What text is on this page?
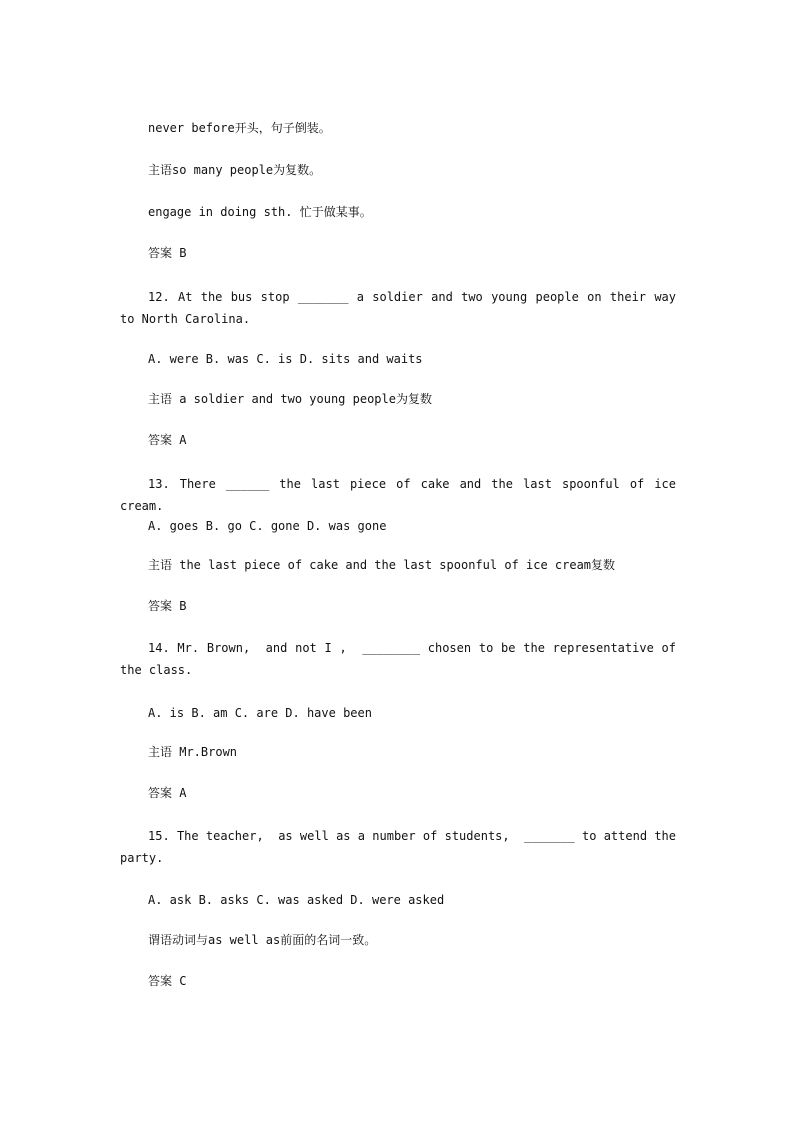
never before开头，句子倒装。

主语so many people为复数。

engage in doing sth. 忙于做某事。

答案 B

12. At the bus stop _______ a soldier and two young people on their way to North Carolina.

A. were B. was C. is D. sits and waits

主语 a soldier and two young people为复数

答案 A

13. There ______ the last piece of cake and the last spoonful of ice cream.

A. goes B. go C. gone D. was gone

主语 the last piece of cake and the last spoonful of ice cream复数

答案 B

14. Mr. Brown,  and not I ,  ________ chosen to be the representative of the class.

A. is B. am C. are D. have been

主语 Mr.Brown

答案 A

15. The teacher,  as well as a number of students,  _______ to attend the party.

A. ask B. asks C. was asked D. were asked

谓语动词与as well as前面的名词一致。

答案 C
